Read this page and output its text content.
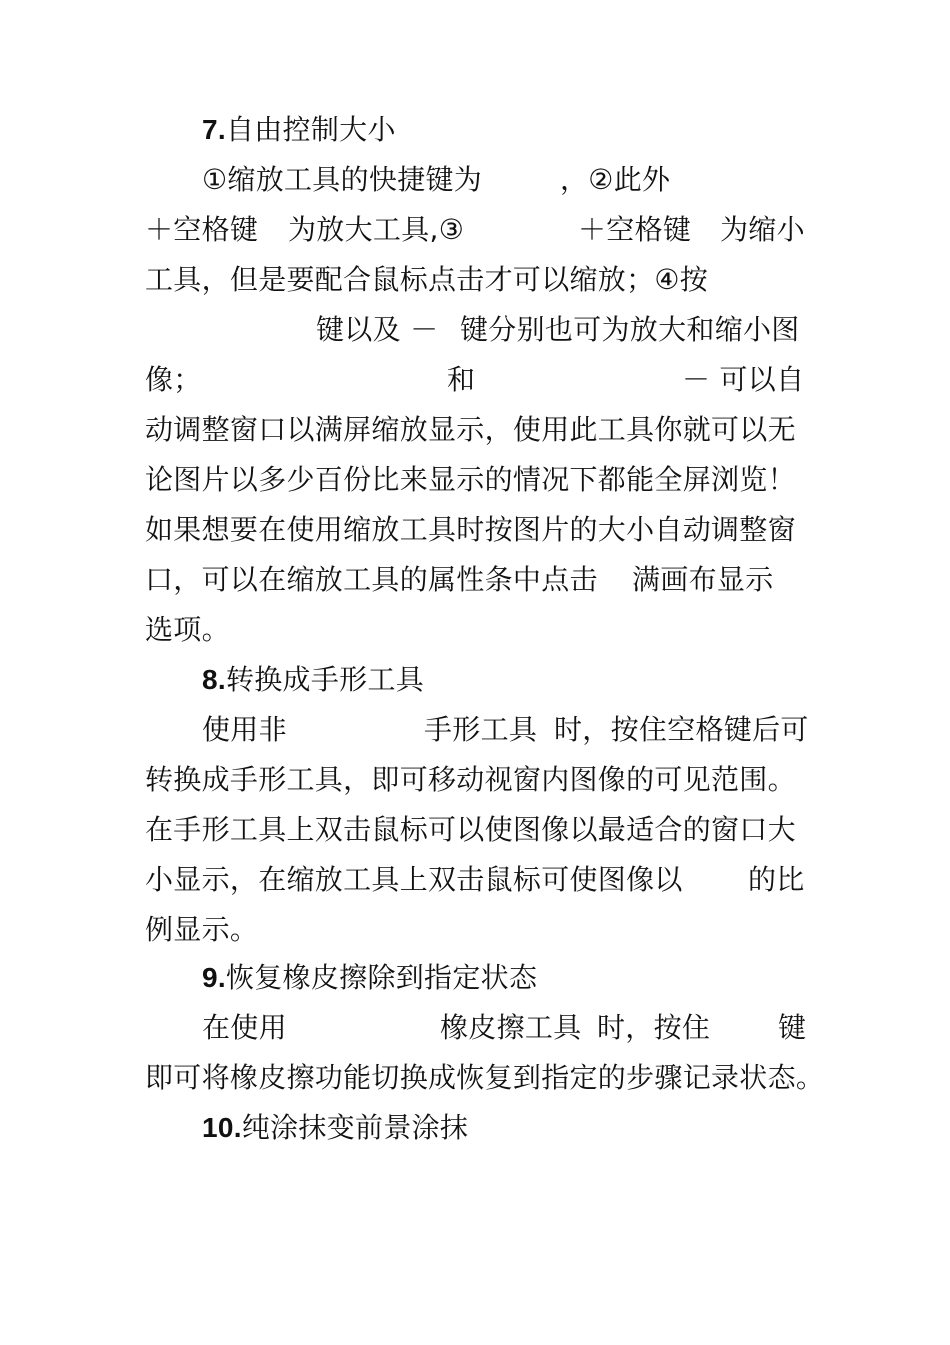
7.自由控制大小
①缩放工具的快捷键为	，②此外
＋空格键 为放大工具,③	＋空格键 为缩小
工具，但是要配合鼠标点击才可以缩放；④按
键以及 － 键分别也可为放大和缩小图
像；	和	－ 可以自
动调整窗口以满屏缩放显示，使用此工具你就可以无
论图片以多少百份比来显示的情况下都能全屏浏览！
如果想要在使用缩放工具时按图片的大小自动调整窗
口，可以在缩放工具的属性条中点击 满画布显示
选项。
8.转换成手形工具
使用非	手形工具 时，按住空格键后可
转换成手形工具，即可移动视窗内图像的可见范围。
在手形工具上双击鼠标可以使图像以最适合的窗口大
小显示，在缩放工具上双击鼠标可使图像以 的比
例显示。
9.恢复橡皮擦除到指定状态
在使用	橡皮擦工具 时，按住 键
即可将橡皮擦功能切换成恢复到指定的步骤记录状态。
10.纯涂抹变前景涂抹
